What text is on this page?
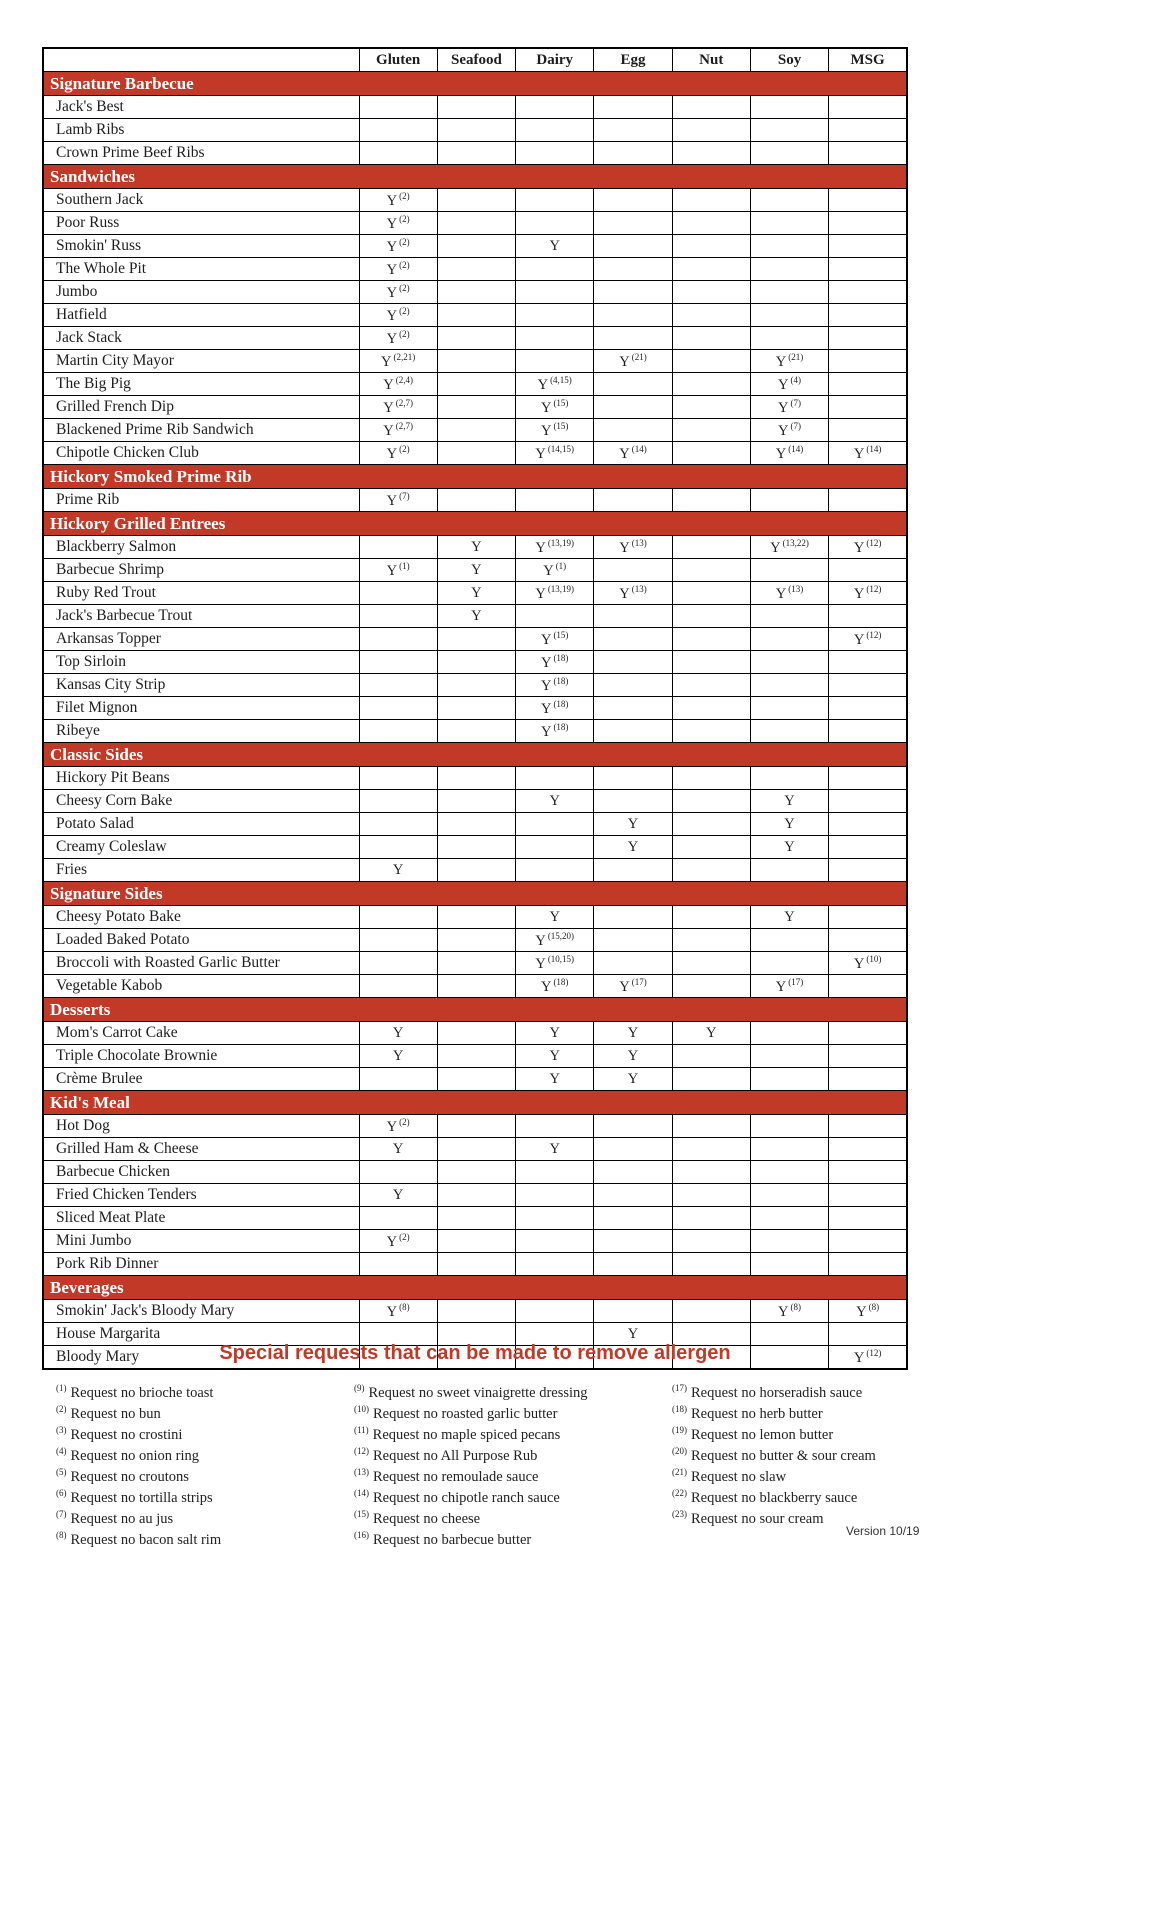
	Gluten	Seafood	Dairy	Egg	Nut	Soy	MSG
Signature Barbecue							
Jack's Best							
Lamb Ribs							
Crown Prime Beef Ribs							
Sandwiches							
Southern Jack	Y $^{(2)}$						
Poor Russ	Y $^{(2)}$						
Smokin' Russ	Y $^{(2)}$		Y				
The Whole Pit	Y $^{(2)}$						
Jumbo	Y $^{(2)}$						
Hatfield	Y $^{(2)}$						
Jack Stack	Y $^{(2)}$						
Martin City Mayor	Y $^{(2,21)}$			Y $^{(21)}$		Y $^{(21)}$	
The Big Pig	Y $^{(2,4)}$		Y $^{(4,15)}$			Y $^{(4)}$	
Grilled French Dip	Y $^{(2,7)}$		Y $^{(15)}$			Y $^{(7)}$	
Blackened Prime Rib Sandwich	Y $^{(2,7)}$		Y $^{(15)}$			Y $^{(7)}$	
Chipotle Chicken Club	Y $^{(2)}$		Y $^{(14,15)}$	Y $^{(14)}$		Y $^{(14)}$	Y $^{(14)}$
Hickory Smoked Prime Rib							
Prime Rib	Y $^{(7)}$						
Hickory Grilled Entrees							
Blackberry Salmon		Y	Y $^{(13,19)}$	Y $^{(13)}$		Y $^{(13,22)}$	Y $^{(12)}$
Barbecue Shrimp	Y $^{(1)}$	Y	Y $^{(1)}$				
Ruby Red Trout		Y	Y $^{(13,19)}$	Y $^{(13)}$		Y $^{(13)}$	Y $^{(12)}$
Jack's Barbecue Trout		Y					
Arkansas Topper			Y $^{(15)}$				Y $^{(12)}$
Top Sirloin			Y $^{(18)}$				
Kansas City Strip			Y $^{(18)}$				
Filet Mignon			Y $^{(18)}$				
Ribeye			Y $^{(18)}$				
Classic Sides							
Hickory Pit Beans							
Cheesy Corn Bake			Y			Y	
Potato Salad				Y		Y	
Creamy Coleslaw				Y		Y	
Fries	Y						
Signature Sides							
Cheesy Potato Bake			Y			Y	
Loaded Baked Potato			Y $^{(15,20)}$				
Broccoli with Roasted Garlic Butter			Y $^{(10,15)}$				Y $^{(10)}$
Vegetable Kabob			Y $^{(18)}$	Y $^{(17)}$		Y $^{(17)}$	
Desserts							
Mom's Carrot Cake	Y		Y	Y	Y		
Triple Chocolate Brownie	Y		Y	Y			
Crème Brulee			Y	Y			
Kid's Meal							
Hot Dog	Y $^{(2)}$						
Grilled Ham & Cheese	Y		Y				
Barbecue Chicken							
Fried Chicken Tenders	Y						
Sliced Meat Plate							
Mini Jumbo	Y $^{(2)}$						
Pork Rib Dinner							
Beverages							
Smokin' Jack's Bloody Mary	Y $^{(8)}$					Y $^{(8)}$	Y $^{(8)}$
House Margarita				Y			
Bloody Mary							Y $^{(12)}$
Special requests that can be made to remove allergen
$^{(1)}$ Request no brioche toast
$^{(2)}$ Request no bun
$^{(3)}$ Request no crostini
$^{(4)}$ Request no onion ring
$^{(5)}$ Request no croutons
$^{(6)}$ Request no tortilla strips
$^{(7)}$ Request no au jus
$^{(8)}$ Request no bacon salt rim
$^{(9)}$ Request no sweet vinaigrette dressing
$^{(10)}$ Request no roasted garlic butter
$^{(11)}$ Request no maple spiced pecans
$^{(12)}$ Request no All Purpose Rub
$^{(13)}$ Request no remoulade sauce
$^{(14)}$ Request no chipotle ranch sauce
$^{(15)}$ Request no cheese
$^{(16)}$ Request no barbecue butter
$^{(17)}$ Request no horseradish sauce
$^{(18)}$ Request no herb butter
$^{(19)}$ Request no lemon butter
$^{(20)}$ Request no butter & sour cream
$^{(21)}$ Request no slaw
$^{(22)}$ Request no blackberry sauce
$^{(23)}$ Request no sour cream
Version 10/19
